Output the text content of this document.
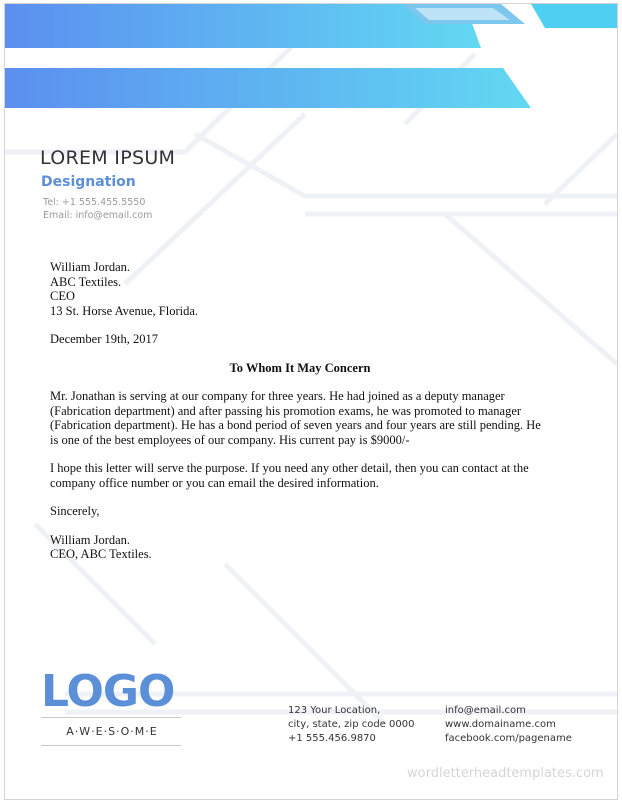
LOREM IPSUM
Designation
Tel: +1 555.455.5550
Email: info@email.com

William Jordan.

ABC Textiles.

CEO

13 St. Horse Avenue, Florida.

December 19th, 2017

To Whom It May Concern

Mr. Jonathan is serving at our company for three years. He had joined as a deputy manager (Fabrication department) and after passing his promotion exams, he was promoted to manager (Fabrication department). He has a bond period of seven years and four years are still pending. He is one of the best employees of our company. His current pay is $9000/-

I hope this letter will serve the purpose. If you need any other detail, then you can contact at the company office number or you can email the desired information.

Sincerely,

William Jordan.

CEO, ABC Textiles.

LOGO
A·W·E·S·O·M·E
123 Your Location,
city, state, zip code 0000
+1 555.456.9870
info@email.com
www.domainame.com
facebook.com/pagename
wordletterheadtemplates.com
